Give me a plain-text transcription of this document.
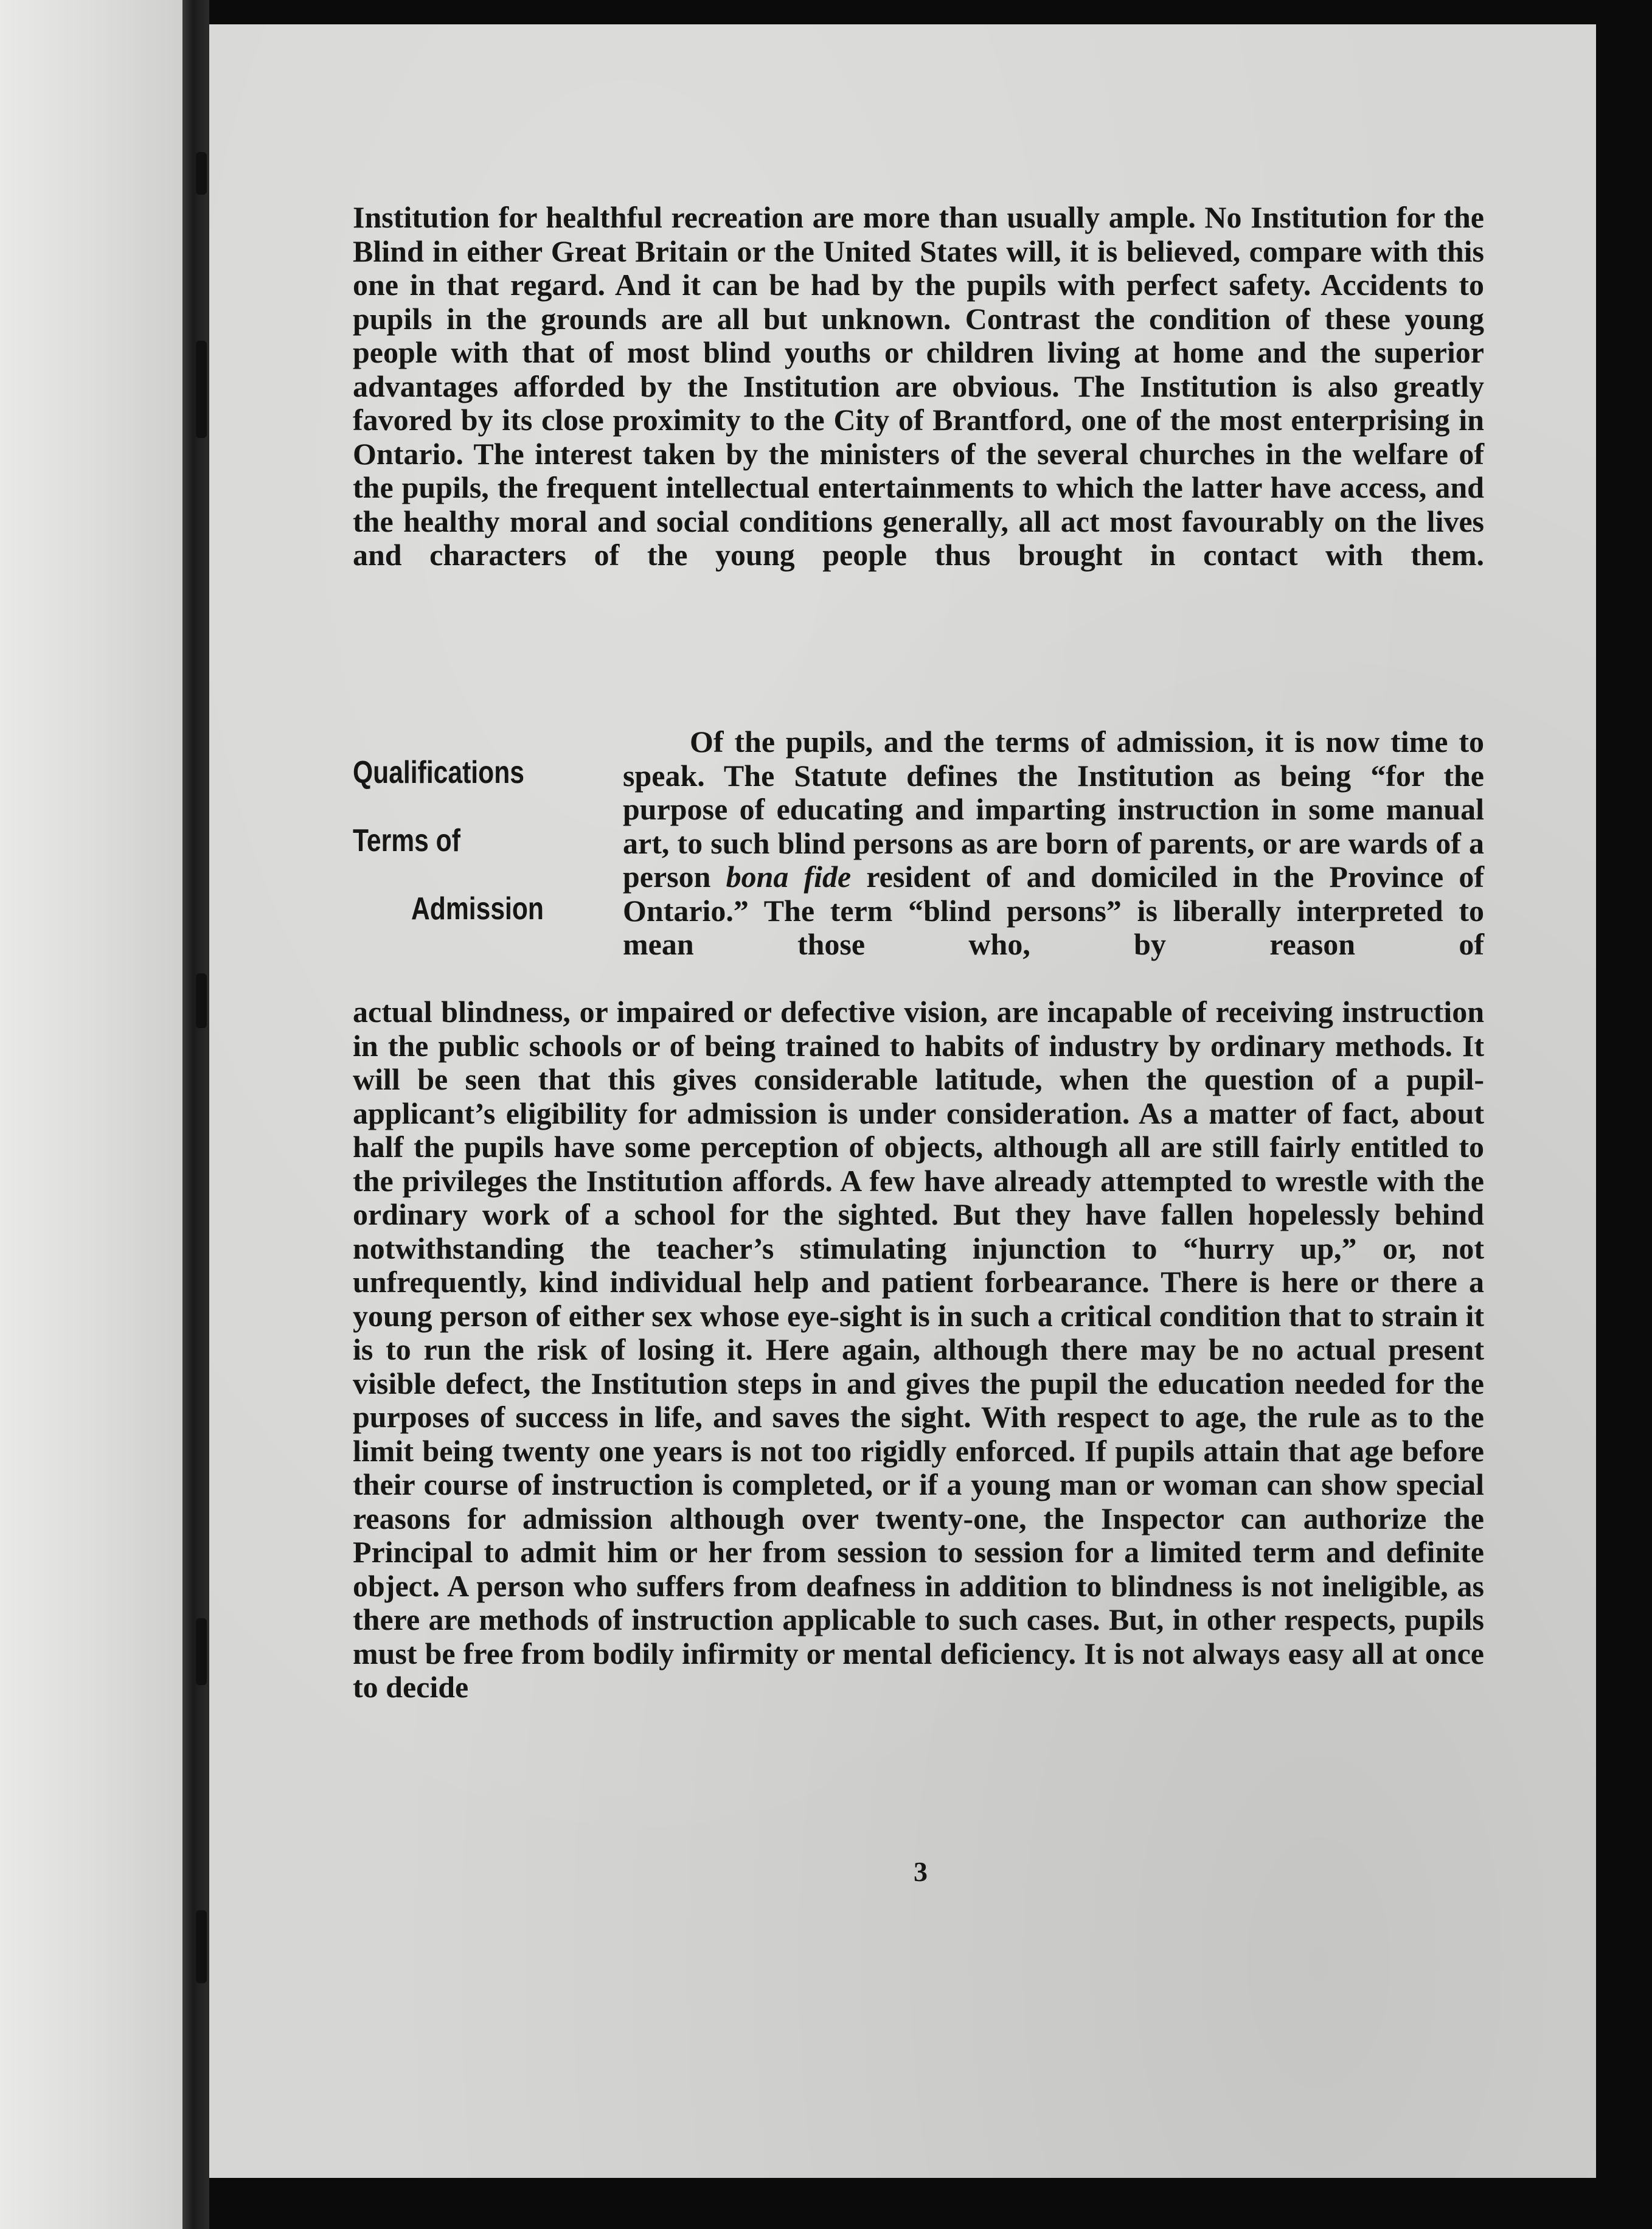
Institution for healthful recreation are more than usually ample. No Institution for the Blind in either Great Britain or the United States will, it is believed, compare with this one in that regard. And it can be had by the pupils with perfect safety. Accidents to pupils in the grounds are all but unknown. Contrast the condition of these young people with that of most blind youths or children living at home and the superior advantages afforded by the Institution are obvious. The Institution is also greatly favored by its close proximity to the City of Brantford, one of the most enterprising in Ontario. The interest taken by the ministers of the several churches in the welfare of the pupils, the frequent intellectual entertainments to which the latter have access, and the healthy moral and social conditions generally, all act most favourably on the lives and characters of the young people thus brought in contact with them.

Qualifications
Terms of
Admission

Of the pupils, and the terms of admission, it is now time to speak. The Statute defines the Institution as being “for the purpose of educating and imparting instruction in some manual art, to such blind persons as are born of parents, or are wards of a person bona fide resident of and domiciled in the Province of Ontario.” The term “blind persons” is liberally interpreted to mean those who, by reason of

actual blindness, or impaired or defective vision, are incapable of receiving instruction in the public schools or of being trained to habits of industry by ordinary methods. It will be seen that this gives considerable latitude, when the question of a pupil-applicant’s eligibility for admission is under consideration. As a matter of fact, about half the pupils have some perception of objects, although all are still fairly entitled to the privileges the Institution affords. A few have already attempted to wrestle with the ordinary work of a school for the sighted. But they have fallen hopelessly behind notwithstanding the teacher’s stimulating injunction to “hurry up,” or, not unfrequently, kind individual help and patient forbearance. There is here or there a young person of either sex whose eye-sight is in such a critical condition that to strain it is to run the risk of losing it. Here again, although there may be no actual present visible defect, the Institution steps in and gives the pupil the education needed for the purposes of success in life, and saves the sight. With respect to age, the rule as to the limit being twenty one years is not too rigidly enforced. If pupils attain that age before their course of instruction is completed, or if a young man or woman can show special reasons for admission although over twenty-one, the Inspector can authorize the Principal to admit him or her from session to session for a limited term and definite object. A person who suffers from deafness in addition to blindness is not ineligible, as there are methods of instruction applicable to such cases. But, in other respects, pupils must be free from bodily infirmity or mental deficiency. It is not always easy all at once to decide

3
